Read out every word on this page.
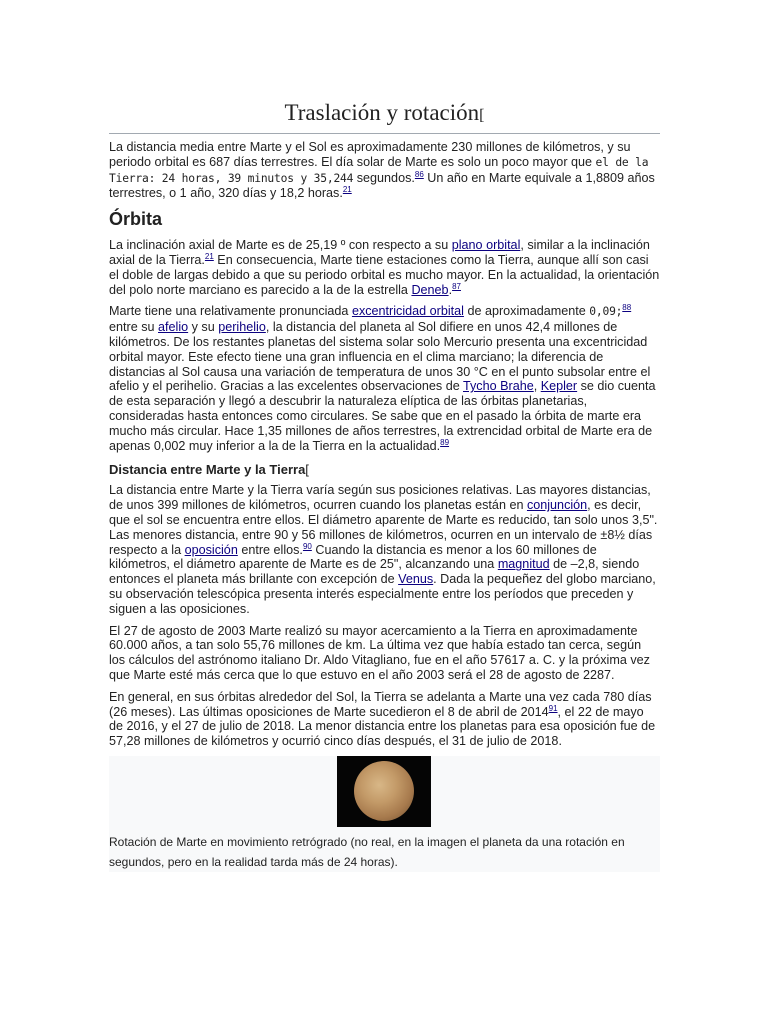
Traslación y rotación[

La distancia media entre Marte y el Sol es aproximadamente 230 millones de kilómetros, y su periodo orbital es 687 días terrestres. El día solar de Marte es solo un poco mayor que el de la Tierra: 24 horas, 39 minutos y 35,244 segundos.$^{86}$ Un año en Marte equivale a 1,8809 años terrestres, o 1 año, 320 días y 18,2 horas.$^{21}$

Órbita

La inclinación axial de Marte es de 25,19 º con respecto a su plano orbital, similar a la inclinación axial de la Tierra.$^{21}$ En consecuencia, Marte tiene estaciones como la Tierra, aunque allí son casi el doble de largas debido a que su periodo orbital es mucho mayor. En la actualidad, la orientación del polo norte marciano es parecido a la de la estrella Deneb.$^{87}$

Marte tiene una relativamente pronunciada excentricidad orbital de aproximadamente 0,09;$^{88}$ entre su afelio y su perihelio, la distancia del planeta al Sol difiere en unos 42,4 millones de kilómetros. De los restantes planetas del sistema solar solo Mercurio presenta una excentricidad orbital mayor. Este efecto tiene una gran influencia en el clima marciano; la diferencia de distancias al Sol causa una variación de temperatura de unos 30 °C en el punto subsolar entre el afelio y el perihelio. Gracias a las excelentes observaciones de Tycho Brahe, Kepler se dio cuenta de esta separación y llegó a descubrir la naturaleza elíptica de las órbitas planetarias, consideradas hasta entonces como circulares. Se sabe que en el pasado la órbita de marte era mucho más circular. Hace 1,35 millones de años terrestres, la extrencidad orbital de Marte era de apenas 0,002 muy inferior a la de la Tierra en la actualidad.$^{89}$

Distancia entre Marte y la Tierra[

La distancia entre Marte y la Tierra varía según sus posiciones relativas. Las mayores distancias, de unos 399 millones de kilómetros, ocurren cuando los planetas están en conjunción, es decir, que el sol se encuentra entre ellos. El diámetro aparente de Marte es reducido, tan solo unos 3,5". Las menores distancia, entre 90 y 56 millones de kilómetros, ocurren en un intervalo de ±8½ días respecto a la oposición entre ellos.$^{90}$ Cuando la distancia es menor a los 60 millones de kilómetros, el diámetro aparente de Marte es de 25", alcanzando una magnitud de –2,8, siendo entonces el planeta más brillante con excepción de Venus. Dada la pequeñez del globo marciano, su observación telescópica presenta interés especialmente entre los períodos que preceden y siguen a las oposiciones.

El 27 de agosto de 2003 Marte realizó su mayor acercamiento a la Tierra en aproximadamente 60.000 años, a tan solo 55,76 millones de km. La última vez que había estado tan cerca, según los cálculos del astrónomo italiano Dr. Aldo Vitagliano, fue en el año 57617 a. C. y la próxima vez que Marte esté más cerca que lo que estuvo en el año 2003 será el 28 de agosto de 2287.

En general, en sus órbitas alrededor del Sol, la Tierra se adelanta a Marte una vez cada 780 días (26 meses). Las últimas oposiciones de Marte sucedieron el 8 de abril de 2014$^{91}$, el 22 de mayo de 2016, y el 27 de julio de 2018. La menor distancia entre los planetas para esa oposición fue de 57,28 millones de kilómetros y ocurrió cinco días después, el 31 de julio de 2018.

Rotación de Marte en movimiento retrógrado (no real, en la imagen el planeta da una rotación en segundos, pero en la realidad tarda más de 24 horas).
